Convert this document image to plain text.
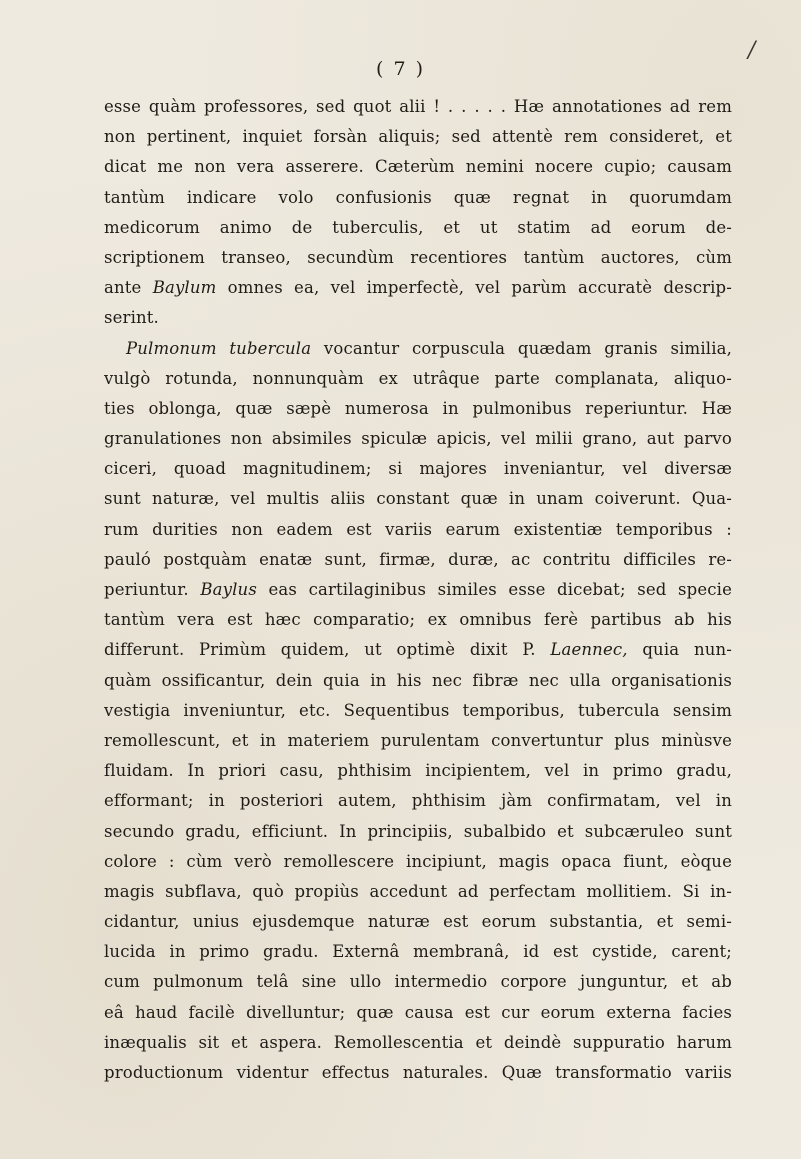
/
( 7 )
esse quàm professores, sed quot alii ! . . . . . Hæ annotationes ad rem
non pertinent, inquiet forsàn aliquis; sed attentè rem consideret, et
dicat me non vera asserere. Cæterùm nemini nocere cupio; causam
tantùm indicare volo confusionis quæ regnat in quorumdam
medicorum animo de tuberculis, et ut statim ad eorum de-
scriptionem transeo, secundùm recentiores tantùm auctores, cùm
ante Baylum omnes ea, vel imperfectè, vel parùm accuratè descrip-
serint.
Pulmonum tubercula vocantur corpuscula quædam granis similia,
vulgò rotunda, nonnunquàm ex utrâque parte complanata, aliquo-
ties oblonga, quæ sæpè numerosa in pulmonibus reperiuntur. Hæ
granulationes non absimiles spiculæ apicis, vel milii grano, aut parvo
ciceri, quoad magnitudinem; si majores inveniantur, vel diversæ
sunt naturæ, vel multis aliis constant quæ in unam coiverunt. Qua-
rum durities non eadem est variis earum existentiæ temporibus :
pauló postquàm enatæ sunt, firmæ, duræ, ac contritu difficiles re-
periuntur. Baylus eas cartilaginibus similes esse dicebat; sed specie
tantùm vera est hæc comparatio; ex omnibus ferè partibus ab his
differunt. Primùm quidem, ut optimè dixit P. Laennec, quia nun-
quàm ossificantur, dein quia in his nec fibræ nec ulla organisationis
vestigia inveniuntur, etc. Sequentibus temporibus, tubercula sensim
remollescunt, et in materiem purulentam convertuntur plus minùsve
fluidam. In priori casu, phthisim incipientem, vel in primo gradu,
efformant; in posteriori autem, phthisim jàm confirmatam, vel in
secundo gradu, efficiunt. In principiis, subalbido et subcæruleo sunt
colore : cùm verò remollescere incipiunt, magis opaca fiunt, eòque
magis subflava, quò propiùs accedunt ad perfectam mollitiem. Si in-
cidantur, unius ejusdemque naturæ est eorum substantia, et semi-
lucida in primo gradu. Externâ membranâ, id est cystide, carent;
cum pulmonum telâ sine ullo intermedio corpore junguntur, et ab
eâ haud facilè divelluntur; quæ causa est cur eorum externa facies
inæqualis sit et aspera. Remollescentia et deindè suppuratio harum
productionum videntur effectus naturales. Quæ transformatio variis
